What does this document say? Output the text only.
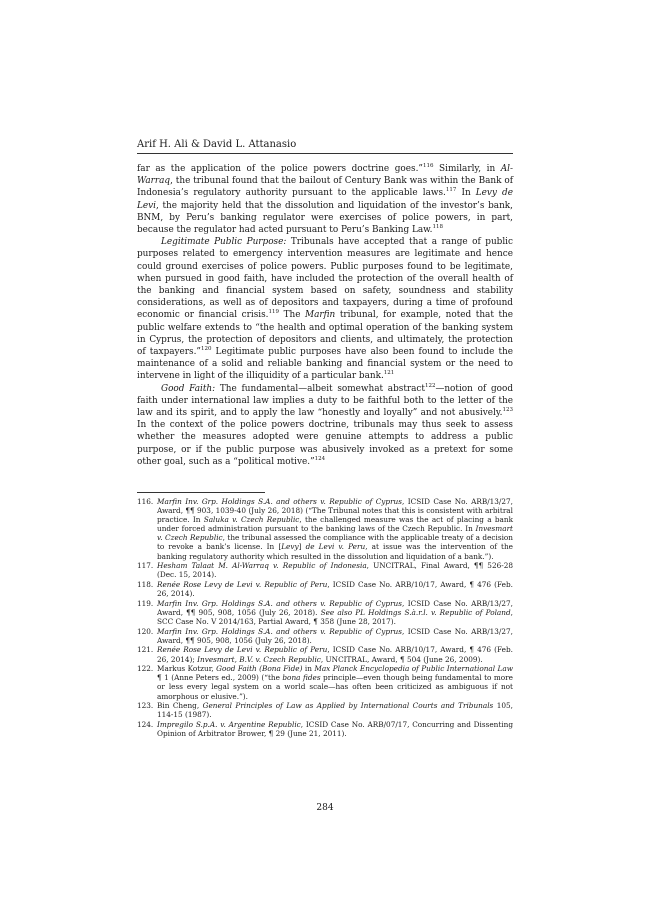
Arif H. Ali & David L. Attanasio

far as the application of the police powers doctrine goes.”$^{116}$ Similarly, in Al-Warraq, the tribunal found that the bailout of Century Bank was within the Bank of Indonesia’s regulatory authority pursuant to the applicable laws.$^{117}$ In Levy de Levi, the majority held that the dissolution and liquidation of the investor’s bank, BNM, by Peru’s banking regulator were exercises of police powers, in part, because the regulator had acted pursuant to Peru’s Banking Law.$^{118}$

Legitimate Public Purpose: Tribunals have accepted that a range of public purposes related to emergency intervention measures are legitimate and hence could ground exercises of police powers. Public purposes found to be legitimate, when pursued in good faith, have included the protection of the overall health of the banking and financial system based on safety, soundness and stability considerations, as well as of depositors and taxpayers, during a time of profound economic or financial crisis.$^{119}$ The Marfin tribunal, for example, noted that the public welfare extends to “the health and optimal operation of the banking system in Cyprus, the protection of depositors and clients, and ultimately, the protection of taxpayers.”$^{120}$ Legitimate public purposes have also been found to include the maintenance of a solid and reliable banking and financial system or the need to intervene in light of the illiquidity of a particular bank.$^{121}$

Good Faith: The fundamental—albeit somewhat abstract$^{122}$—notion of good faith under international law implies a duty to be faithful both to the letter of the law and its spirit, and to apply the law “honestly and loyally” and not abusively.$^{123}$ In the context of the police powers doctrine, tribunals may thus seek to assess whether the measures adopted were genuine attempts to address a public purpose, or if the public purpose was abusively invoked as a pretext for some other goal, such as a “political motive.”$^{124}$

116. Marfin Inv. Grp. Holdings S.A. and others v. Republic of Cyprus, ICSID Case No. ARB/13/27, Award, ¶¶ 903, 1039-40 (July 26, 2018) (“The Tribunal notes that this is consistent with arbitral practice. In Saluka v. Czech Republic, the challenged measure was the act of placing a bank under forced administration pursuant to the banking laws of the Czech Republic. In Invesmart v. Czech Republic, the tribunal assessed the compliance with the applicable treaty of a decision to revoke a bank’s license. In [Levy] de Levi v. Peru, at issue was the intervention of the banking regulatory authority which resulted in the dissolution and liquidation of a bank.”).
117. Hesham Talaat M. Al-Warraq v. Republic of Indonesia, UNCITRAL, Final Award, ¶¶ 526-28 (Dec. 15, 2014).
118. Renée Rose Levy de Levi v. Republic of Peru, ICSID Case No. ARB/10/17, Award, ¶ 476 (Feb. 26, 2014).
119. Marfin Inv. Grp. Holdings S.A. and others v. Republic of Cyprus, ICSID Case No. ARB/13/27, Award, ¶¶ 905, 908, 1056 (July 26, 2018). See also PL Holdings S.à.r.l. v. Republic of Poland, SCC Case No. V 2014/163, Partial Award, ¶ 358 (June 28, 2017).
120. Marfin Inv. Grp. Holdings S.A. and others v. Republic of Cyprus, ICSID Case No. ARB/13/27, Award, ¶¶ 905, 908, 1056 (July 26, 2018).
121. Renée Rose Levy de Levi v. Republic of Peru, ICSID Case No. ARB/10/17, Award, ¶ 476 (Feb. 26, 2014); Invesmart, B.V. v. Czech Republic, UNCITRAL, Award, ¶ 504 (June 26, 2009).
122. Markus Kotzur, Good Faith (Bona Fide) in Max Planck Encyclopedia of Public International Law ¶ 1 (Anne Peters ed., 2009) (“the bona fides principle—even though being fundamental to more or less every legal system on a world scale—has often been criticized as ambiguous if not amorphous or elusive.”).
123. Bin Cheng, General Principles of Law as Applied by International Courts and Tribunals 105, 114-15 (1987).
124. Impregilo S.p.A. v. Argentine Republic, ICSID Case No. ARB/07/17, Concurring and Dissenting Opinion of Arbitrator Brower, ¶ 29 (June 21, 2011).
284
